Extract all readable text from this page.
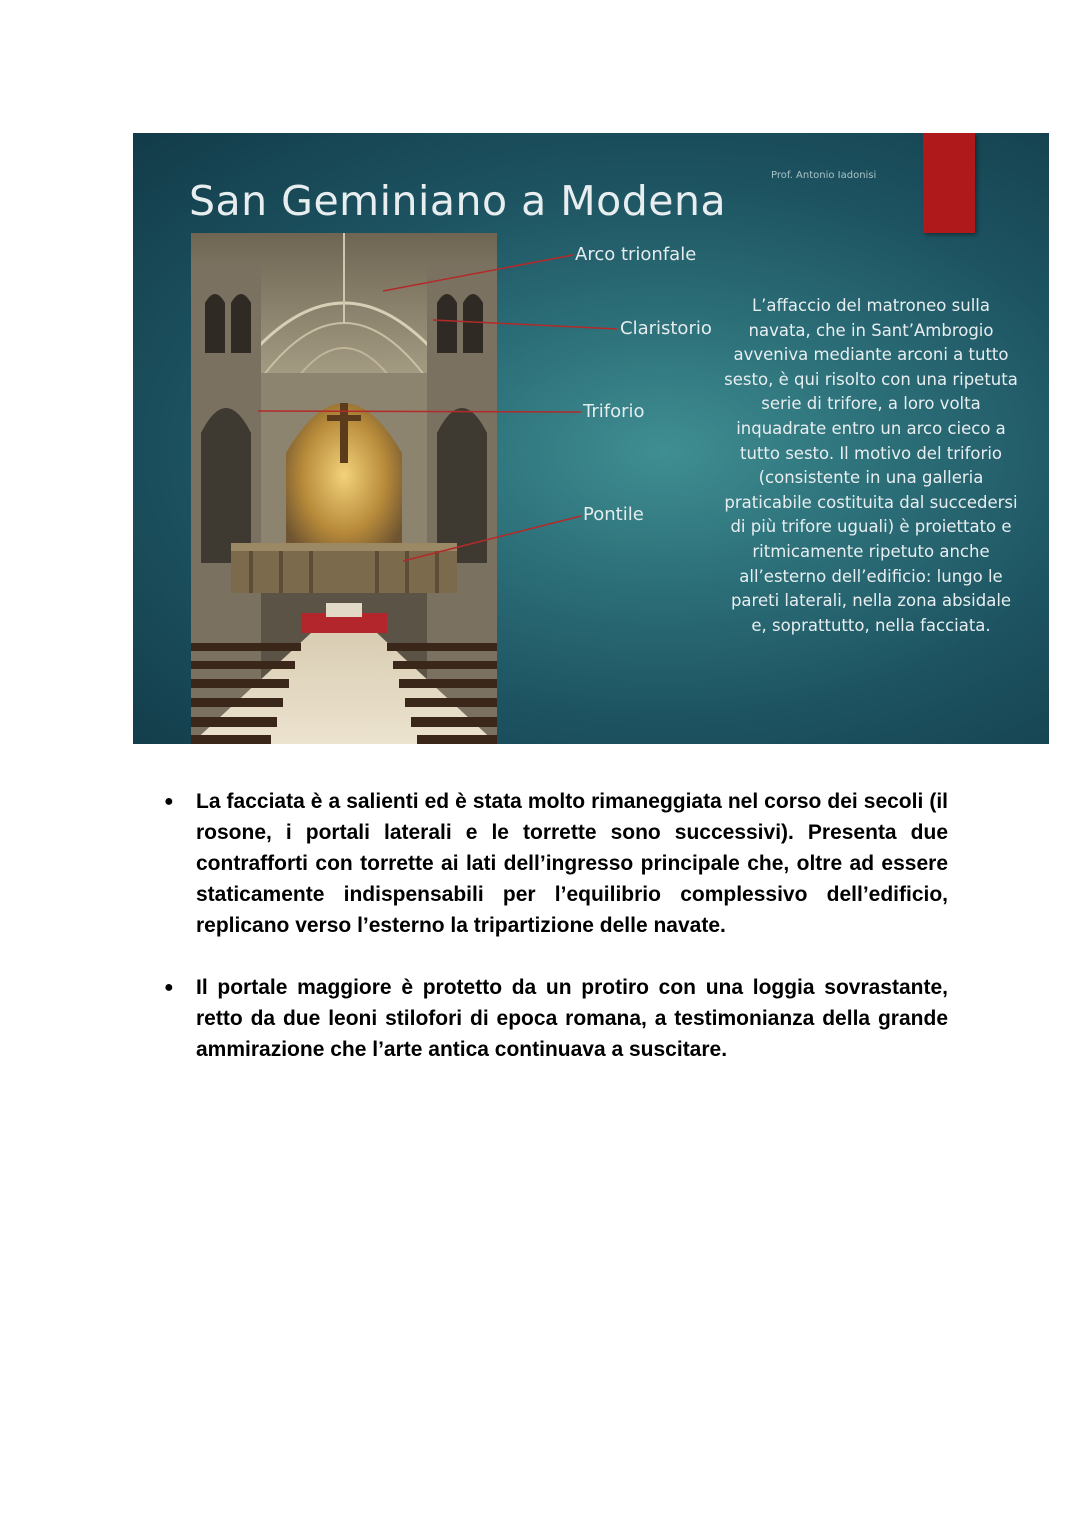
Prof. Antonio Iadonisi
San Geminiano a Modena
Arco trionfale
Claristorio
Triforio
Pontile
L’affaccio del matroneo sulla
navata, che in Sant’Ambrogio
avveniva mediante arconi a tutto
sesto, è qui risolto con una ripetuta
serie di trifore, a loro volta
inquadrate entro un arco cieco a
tutto sesto. Il motivo del triforio
(consistente in una galleria
praticabile costituita dal succedersi
di più trifore uguali) è proiettato e
ritmicamente ripetuto anche
all’esterno dell’edificio: lungo le
pareti laterali, nella zona absidale
e, soprattutto, nella facciata.
● La facciata è a salienti ed è stata molto rimaneggiata nel corso dei secoli (il rosone, i portali laterali e le torrette sono successivi). Presenta due contrafforti con torrette ai lati dell’ingresso principale che, oltre ad essere staticamente indispensabili per l’equilibrio complessivo dell’edificio, replicano verso l’esterno la tripartizione delle navate.
● Il portale maggiore è protetto da un protiro con una loggia sovrastante, retto da due leoni stilofori di epoca romana, a testimonianza della grande ammirazione che l’arte antica continuava a suscitare.
